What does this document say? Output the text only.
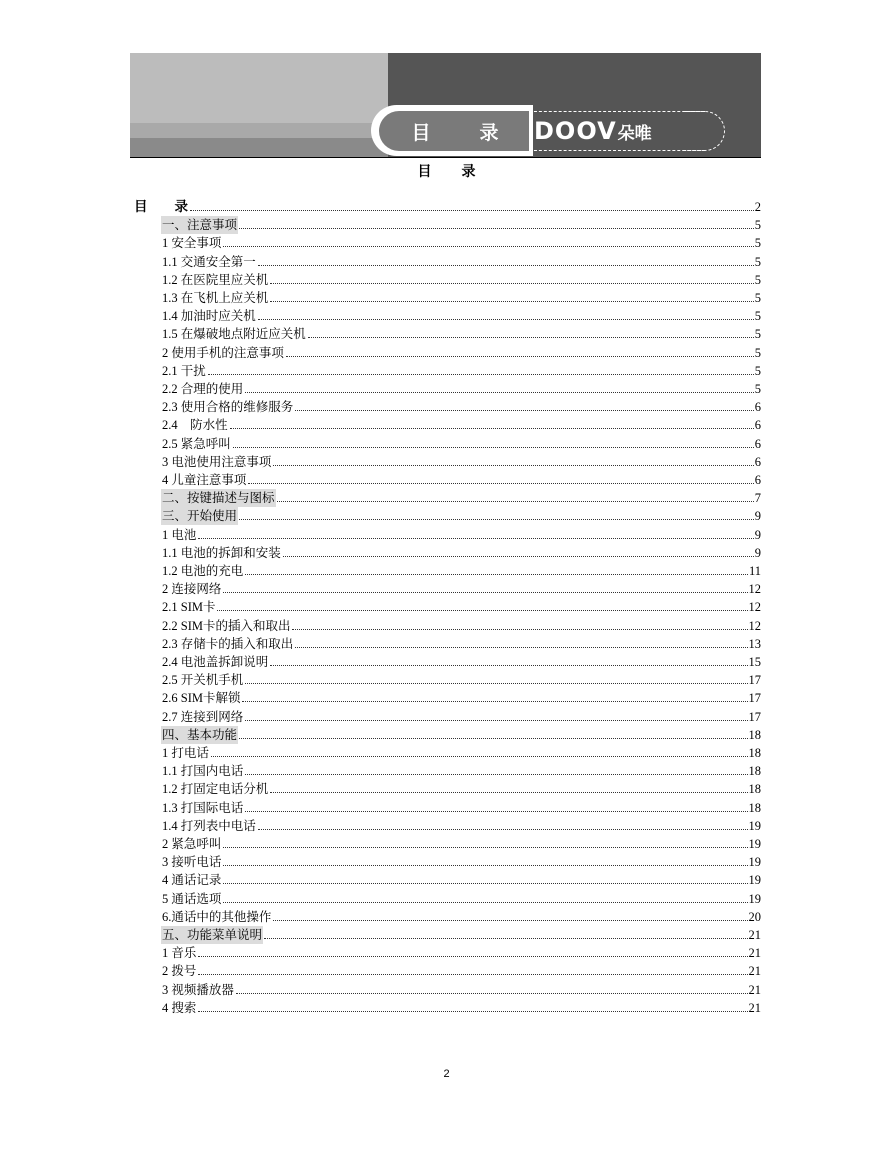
目	录 DOOV 朵唯
目 录
目　　录	2
一、注意事项	5
1 安全事项	5
1.1 交通安全第一	5
1.2 在医院里应关机	5
1.3 在飞机上应关机	5
1.4 加油时应关机	5
1.5 在爆破地点附近应关机	5
2 使用手机的注意事项	5
2.1 干扰	5
2.2 合理的使用	5
2.3 使用合格的维修服务	6
2.4　防水性	6
2.5 紧急呼叫	6
3 电池使用注意事项	6
4 儿童注意事项	6
二、按键描述与图标	7
三、开始使用	9
1 电池	9
1.1 电池的拆卸和安装	9
1.2 电池的充电	11
2 连接网络	12
2.1 SIM卡	12
2.2 SIM卡的插入和取出	12
2.3 存储卡的插入和取出	13
2.4 电池盖拆卸说明	15
2.5 开关机手机	17
2.6 SIM卡解锁	17
2.7 连接到网络	17
四、基本功能	18
1 打电话	18
1.1 打国内电话	18
1.2 打固定电话分机	18
1.3 打国际电话	18
1.4 打列表中电话	19
2 紧急呼叫	19
3 接听电话	19
4 通话记录	19
5 通话选项	19
6.通话中的其他操作	20
五、功能菜单说明	21
1 音乐	21
2 拨号	21
3 视频播放器	21
4 搜索	21
2
